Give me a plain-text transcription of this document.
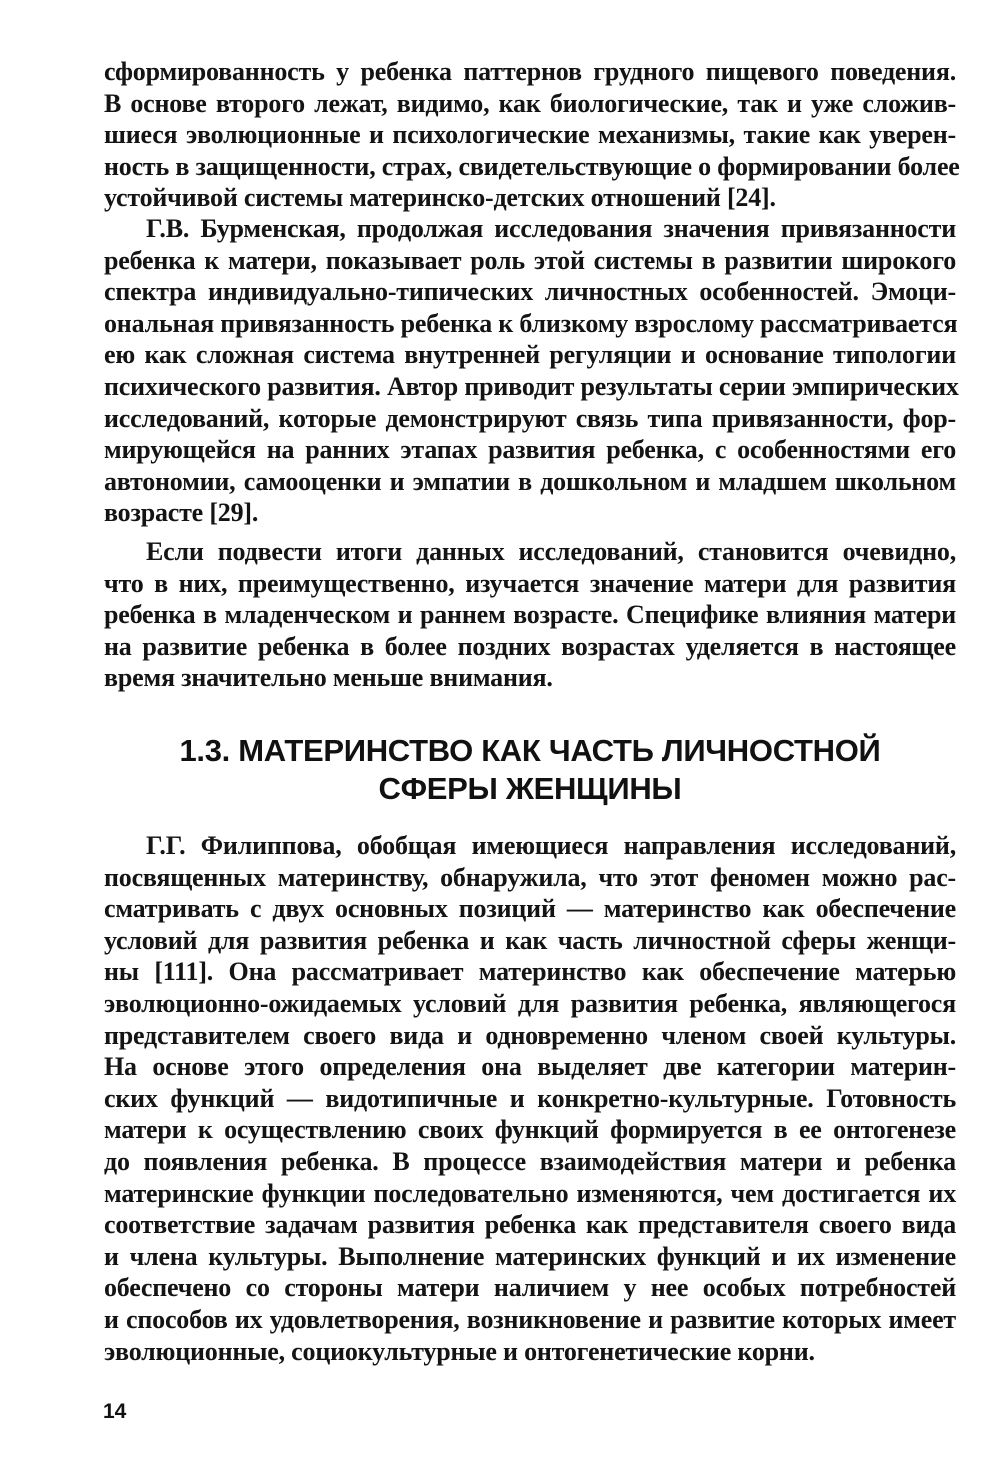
сформированность у ребенка паттернов грудного пищевого поведения.
В основе второго лежат, видимо, как биологические, так и уже сложив-
шиеся эволюционные и психологические механизмы, такие как уверен-
ность в защищенности, страх, свидетельствующие о формировании более
устойчивой системы материнско-детских отношений [24].
Г.В. Бурменская, продолжая исследования значения привязанности
ребенка к матери, показывает роль этой системы в развитии широкого
спектра индивидуально-типических личностных особенностей. Эмоци-
ональная привязанность ребенка к близкому взрослому рассматривается
ею как сложная система внутренней регуляции и основание типологии
психического развития. Автор приводит результаты серии эмпирических
исследований, которые демонстрируют связь типа привязанности, фор-
мирующейся на ранних этапах развития ребенка, с особенностями его
автономии, самооценки и эмпатии в дошкольном и младшем школьном
возрасте [29].
Если подвести итоги данных исследований, становится очевидно,
что в них, преимущественно, изучается значение матери для развития
ребенка в младенческом и раннем возрасте. Специфике влияния матери
на развитие ребенка в более поздних возрастах уделяется в настоящее
время значительно меньше внимания.
1.3. МАТЕРИНСТВО КАК ЧАСТЬ ЛИЧНОСТНОЙ
СФЕРЫ ЖЕНЩИНЫ
Г.Г. Филиппова, обобщая имеющиеся направления исследований,
посвященных материнству, обнаружила, что этот феномен можно рас-
сматривать с двух основных позиций — материнство как обеспечение
условий для развития ребенка и как часть личностной сферы женщи-
ны [111]. Она рассматривает материнство как обеспечение матерью
эволюционно-ожидаемых условий для развития ребенка, являющегося
представителем своего вида и одновременно членом своей культуры.
На основе этого определения она выделяет две категории материн-
ских функций — видотипичные и конкретно-культурные. Готовность
матери к осуществлению своих функций формируется в ее онтогенезе
до появления ребенка. В процессе взаимодействия матери и ребенка
материнские функции последовательно изменяются, чем достигается их
соответствие задачам развития ребенка как представителя своего вида
и члена культуры. Выполнение материнских функций и их изменение
обеспечено со стороны матери наличием у нее особых потребностей
и способов их удовлетворения, возникновение и развитие которых имеет
эволюционные, социокультурные и онтогенетические корни.
14
